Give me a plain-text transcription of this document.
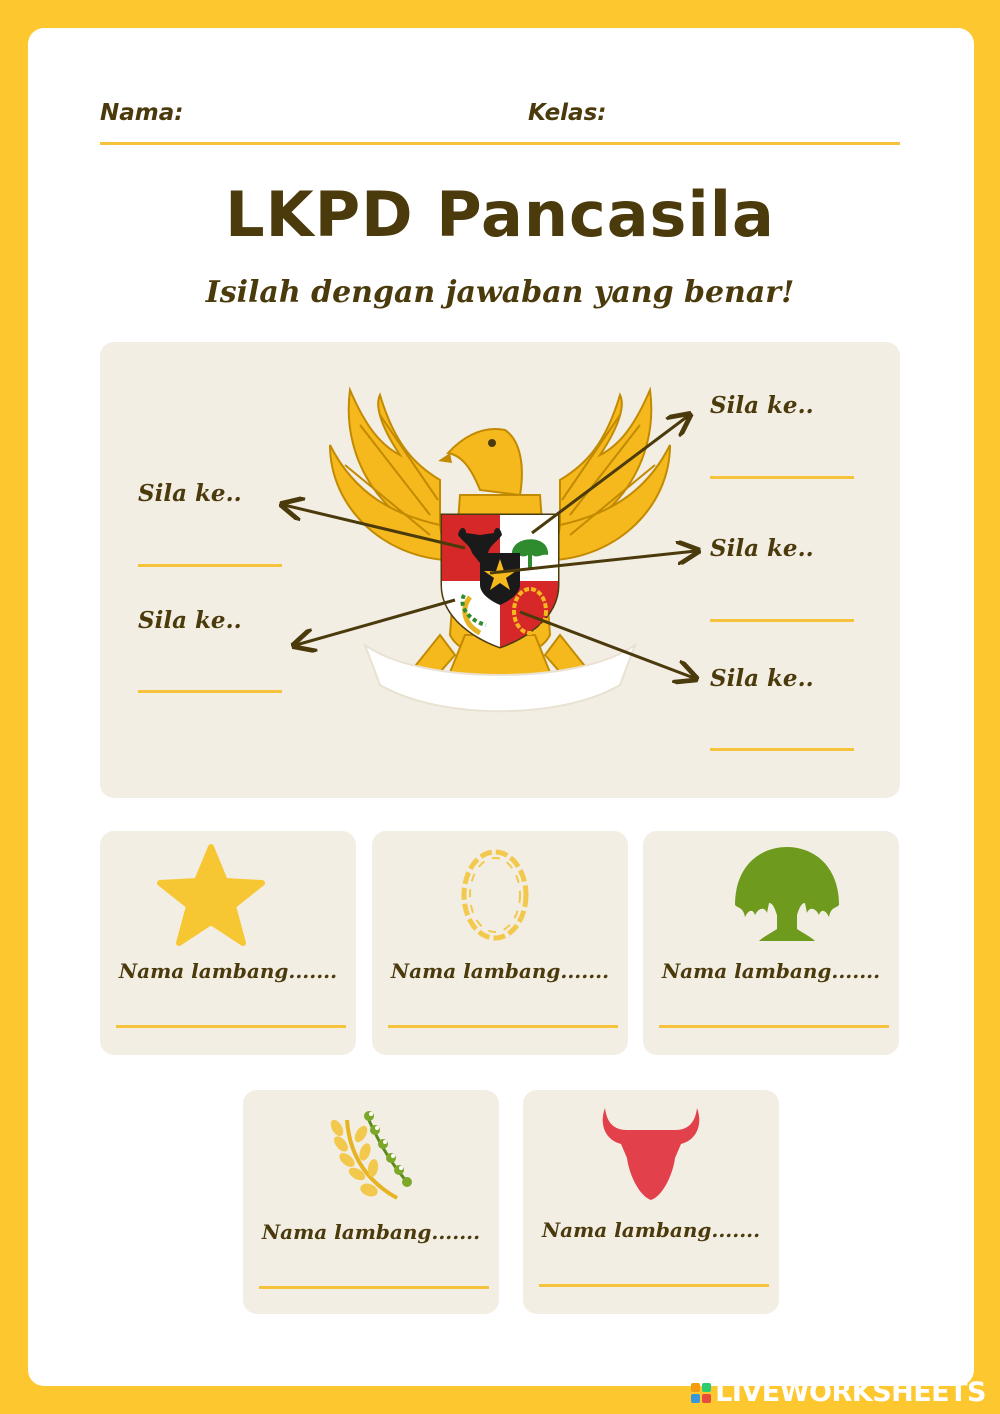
Nama:	Kelas:
LKPD Pancasila
Isilah dengan jawaban yang benar!
Sila ke..
Sila ke..
Sila ke..
Sila ke..
Sila ke..
Nama lambang.......	Nama lambang.......	Nama lambang.......
Nama lambang.......	Nama lambang.......
LIVEWORKSHEETS
